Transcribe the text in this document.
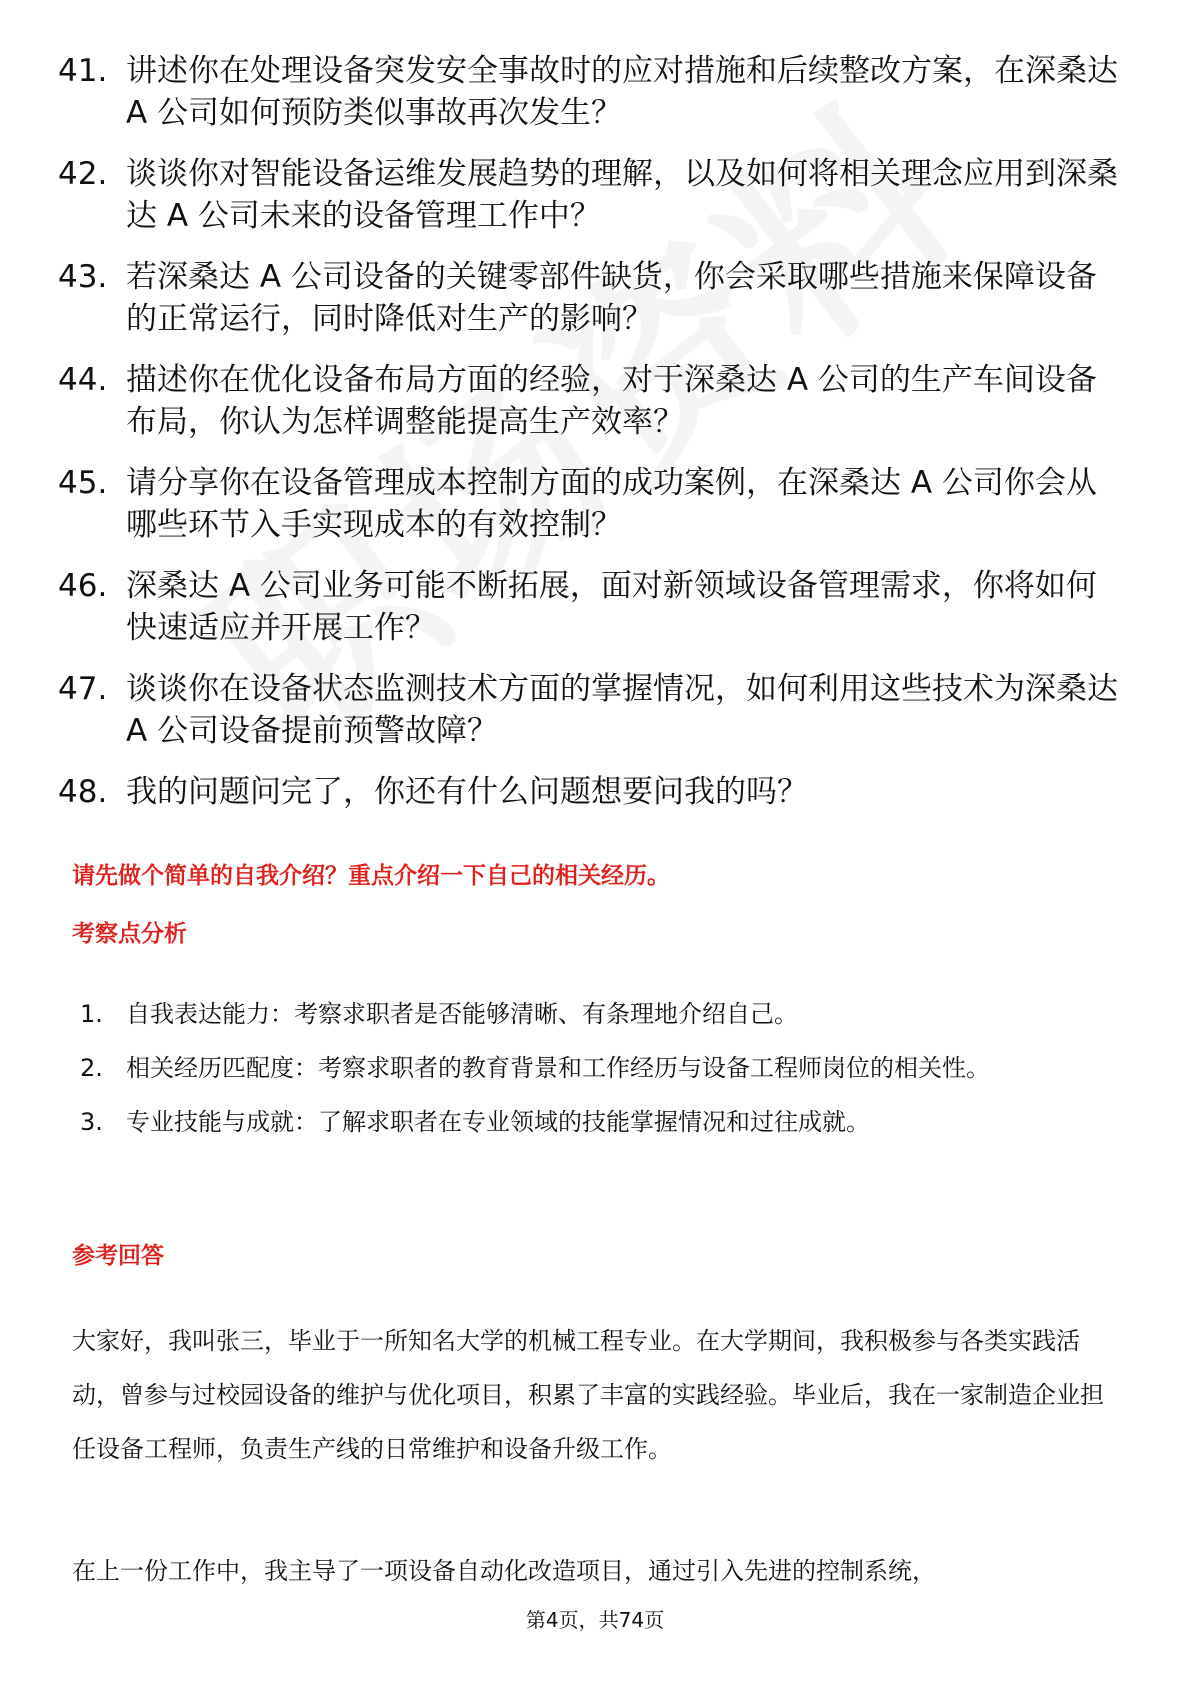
41. 讲述你在处理设备突发安全事故时的应对措施和后续整改方案，在深桑达 A 公司如何预防类似事故再次发生？
42. 谈谈你对智能设备运维发展趋势的理解，以及如何将相关理念应用到深桑达 A 公司未来的设备管理工作中？
43. 若深桑达 A 公司设备的关键零部件缺货，你会采取哪些措施来保障设备的正常运行，同时降低对生产的影响？
44. 描述你在优化设备布局方面的经验，对于深桑达 A 公司的生产车间设备布局，你认为怎样调整能提高生产效率？
45. 请分享你在设备管理成本控制方面的成功案例，在深桑达 A 公司你会从哪些环节入手实现成本的有效控制？
46. 深桑达 A 公司业务可能不断拓展，面对新领域设备管理需求，你将如何快速适应并开展工作？
47. 谈谈你在设备状态监测技术方面的掌握情况，如何利用这些技术为深桑达 A 公司设备提前预警故障？
48. 我的问题问完了，你还有什么问题想要问我的吗？
请先做个简单的自我介绍？重点介绍一下自己的相关经历。
考察点分析
1. 自我表达能力：考察求职者是否能够清晰、有条理地介绍自己。
2. 相关经历匹配度：考察求职者的教育背景和工作经历与设备工程师岗位的相关性。
3. 专业技能与成就：了解求职者在专业领域的技能掌握情况和过往成就。
参考回答

大家好，我叫张三，毕业于一所知名大学的机械工程专业。在大学期间，我积极参与各类实践活动，曾参与过校园设备的维护与优化项目，积累了丰富的实践经验。毕业后，我在一家制造企业担任设备工程师，负责生产线的日常维护和设备升级工作。

在上一份工作中，我主导了一项设备自动化改造项目，通过引入先进的控制系统，

第4页，共74页
